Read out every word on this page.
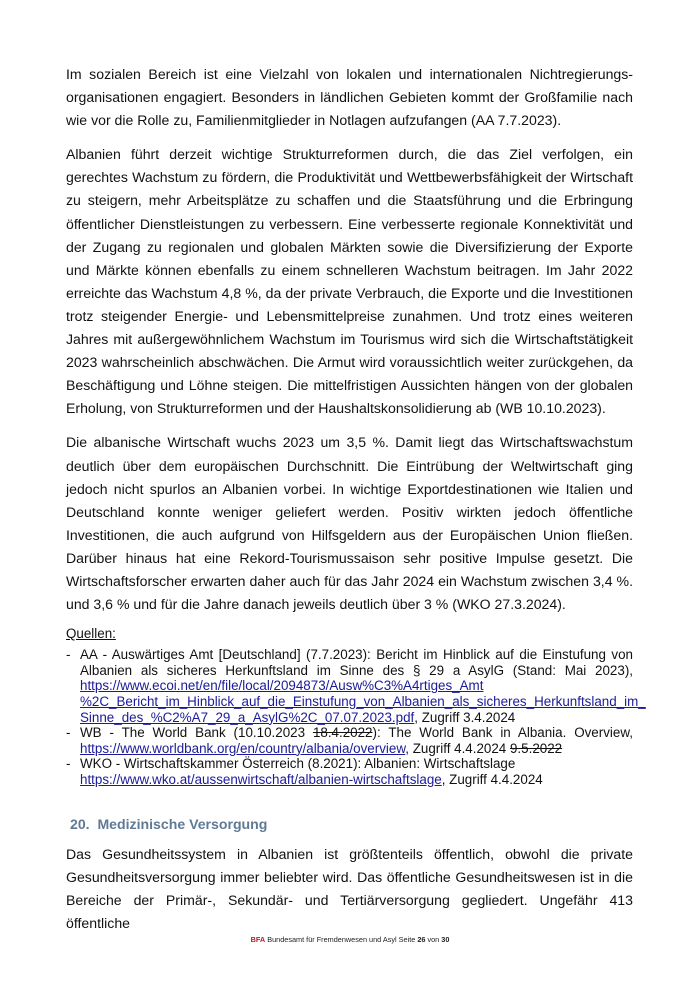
Im sozialen Bereich ist eine Vielzahl von lokalen und internationalen Nichtregierungs-organisationen engagiert. Besonders in ländlichen Gebieten kommt der Großfamilie nach wie vor die Rolle zu, Familienmitglieder in Notlagen aufzufangen (AA 7.7.2023).

Albanien führt derzeit wichtige Strukturreformen durch, die das Ziel verfolgen, ein gerechtes Wachstum zu fördern, die Produktivität und Wettbewerbsfähigkeit der Wirtschaft zu steigern, mehr Arbeitsplätze zu schaffen und die Staatsführung und die Erbringung öffentlicher Dienstleistungen zu verbessern. Eine verbesserte regionale Konnektivität und der Zugang zu regionalen und globalen Märkten sowie die Diversifizierung der Exporte und Märkte können ebenfalls zu einem schnelleren Wachstum beitragen. Im Jahr 2022 erreichte das Wachstum 4,8 %, da der private Verbrauch, die Exporte und die Investitionen trotz steigender Energie- und Lebensmittelpreise zunahmen. Und trotz eines weiteren Jahres mit außergewöhnlichem Wachstum im Tourismus wird sich die Wirtschaftstätigkeit 2023 wahrscheinlich abschwächen. Die Armut wird voraussichtlich weiter zurückgehen, da Beschäftigung und Löhne steigen. Die mittelfristigen Aussichten hängen von der globalen Erholung, von Strukturreformen und der Haushaltskonsolidierung ab (WB 10.10.2023).

Die albanische Wirtschaft wuchs 2023 um 3,5 %. Damit liegt das Wirtschaftswachstum deutlich über dem europäischen Durchschnitt. Die Eintrübung der Weltwirtschaft ging jedoch nicht spurlos an Albanien vorbei. In wichtige Exportdestinationen wie Italien und Deutschland konnte weniger geliefert werden. Positiv wirkten jedoch öffentliche Investitionen, die auch aufgrund von Hilfsgeldern aus der Europäischen Union fließen. Darüber hinaus hat eine Rekord-Tourismussaison sehr positive Impulse gesetzt. Die Wirtschaftsforscher erwarten daher auch für das Jahr 2024 ein Wachstum zwischen 3,4 %. und 3,6 % und für die Jahre danach jeweils deutlich über 3 % (WKO 27.3.2024).

Quellen:
- AA - Auswärtiges Amt [Deutschland] (7.7.2023): Bericht im Hinblick auf die Einstufung von Albanien als sicheres Herkunftsland im Sinne des § 29 a AsylG (Stand: Mai 2023), https://www.ecoi.net/en/file/local/2094873/Ausw%C3%A4rtiges_Amt
%2C_Bericht_im_Hinblick_auf_die_Einstufung_von_Albanien_als_sicheres_Herkunftsland_im_
Sinne_des_%C2%A7_29_a_AsylG%2C_07.07.2023.pdf, Zugriff 3.4.2024
- WB - The World Bank (10.10.2023 18.4.2022): The World Bank in Albania. Overview, https://www.worldbank.org/en/country/albania/overview, Zugriff 4.4.2024 9.5.2022
- WKO - Wirtschaftskammer Österreich (8.2021): Albanien: Wirtschaftslage
https://www.wko.at/aussenwirtschaft/albanien-wirtschaftslage, Zugriff 4.4.2024
20. Medizinische Versorgung

Das Gesundheitssystem in Albanien ist größtenteils öffentlich, obwohl die private Gesundheitsversorgung immer beliebter wird. Das öffentliche Gesundheitswesen ist in die Bereiche der Primär-, Sekundär- und Tertiärversorgung gegliedert. Ungefähr 413 öffentliche

BFA Bundesamt für Fremdenwesen und Asyl Seite 26 von 30
